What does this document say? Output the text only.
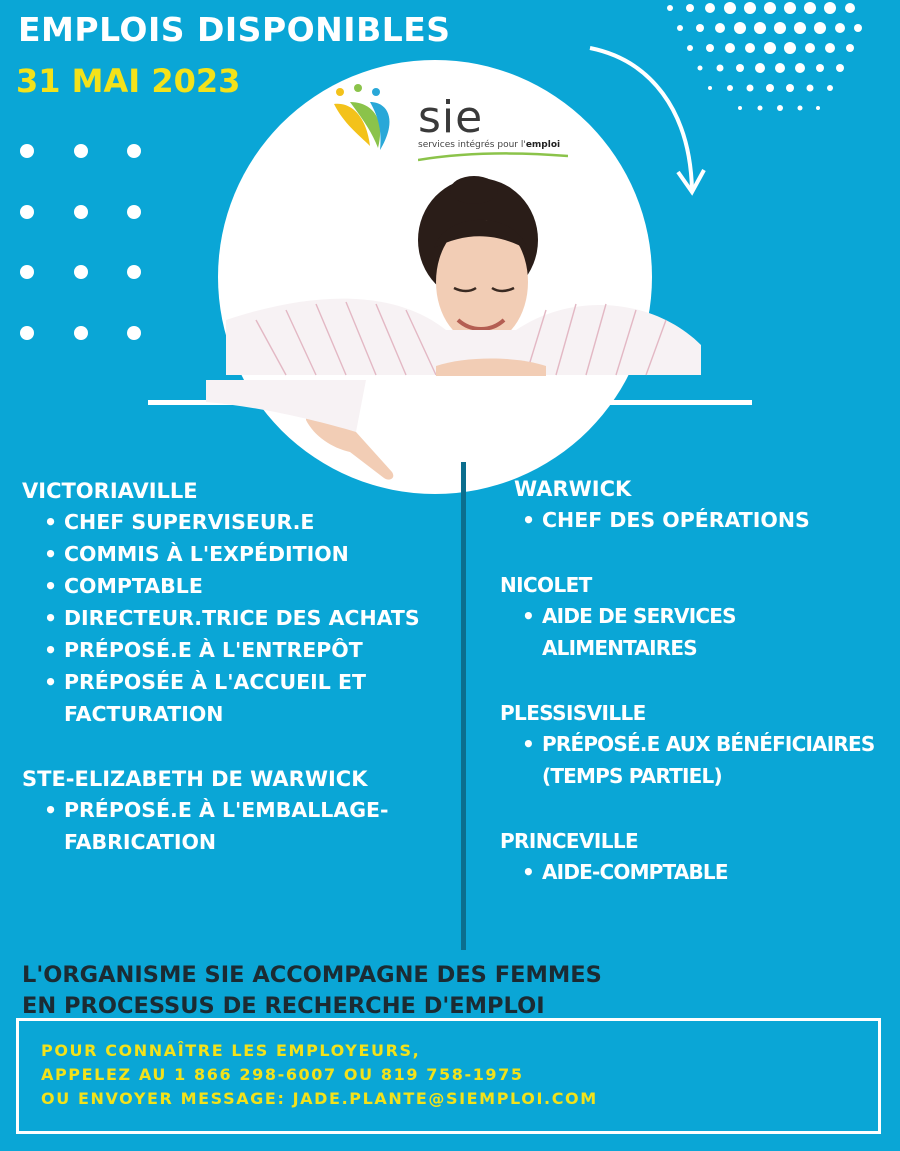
EMPLOIS DISPONIBLES
31 MAI 2023
sie
services intégrés pour l'emploi
VICTORIAVILLE
• CHEF SUPERVISEUR.E
• COMMIS À L'EXPÉDITION
• COMPTABLE
• DIRECTEUR.TRICE DES ACHATS
• PRÉPOSÉ.E À L'ENTREPÔT
• PRÉPOSÉE À L'ACCUEIL ET FACTURATION
STE-ELIZABETH DE WARWICK
• PRÉPOSÉ.E À L'EMBALLAGE-FABRICATION
WARWICK
• CHEF DES OPÉRATIONS
NICOLET
• AIDE DE SERVICES ALIMENTAIRES
PLESSISVILLE
• PRÉPOSÉ.E AUX BÉNÉFICIAIRES (TEMPS PARTIEL)
PRINCEVILLE
• AIDE-COMPTABLE
L'ORGANISME SIE ACCOMPAGNE DES FEMMES
EN PROCESSUS DE RECHERCHE D'EMPLOI
POUR CONNAÎTRE LES EMPLOYEURS,
APPELEZ AU 1 866 298-6007 OU 819 758-1975
OU ENVOYER MESSAGE: JADE.PLANTE@SIEMPLOI.COM
